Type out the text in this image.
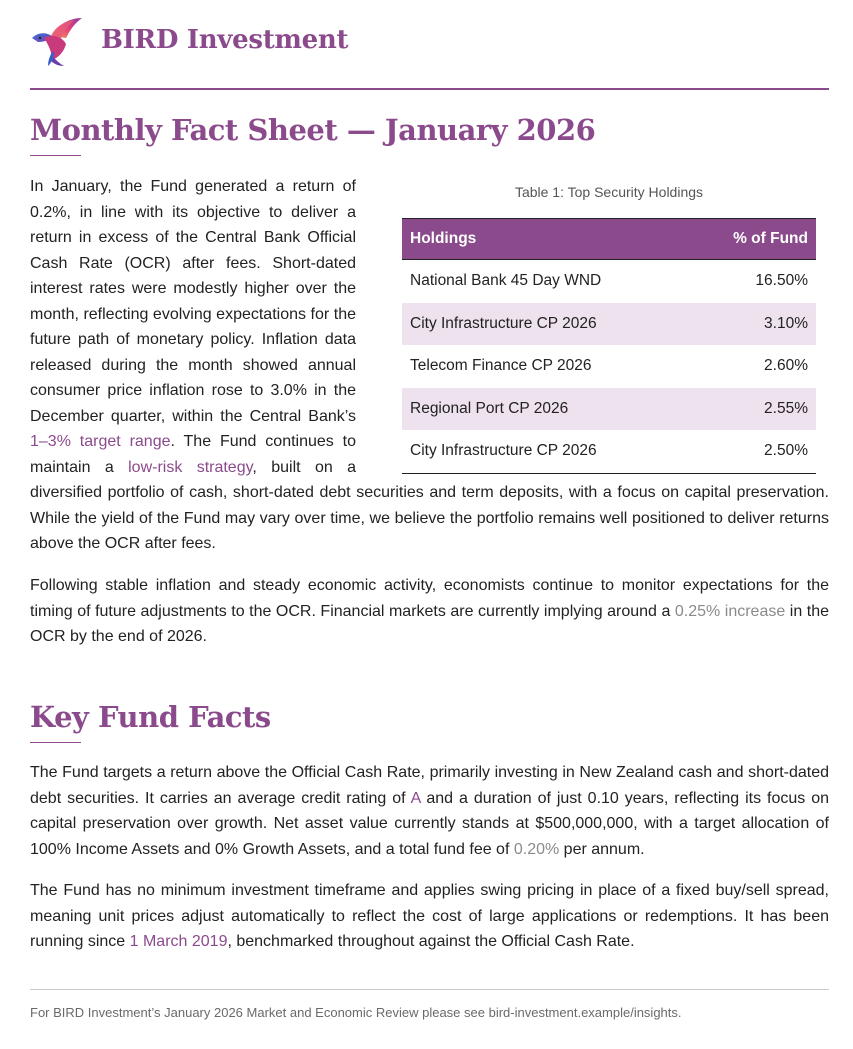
BIRD Investment
Monthly Fact Sheet — January 2026
Table 1: Top Security Holdings
Holdings	% of Fund
National Bank 45 Day WND	16.50%
City Infrastructure CP 2026	3.10%
Telecom Finance CP 2026	2.60%
Regional Port CP 2026	2.55%
City Infrastructure CP 2026	2.50%

In January, the Fund generated a return of 0.2%, in line with its objective to deliver a return in excess of the Central Bank Official Cash Rate (OCR) after fees. Short-dated interest rates were modestly higher over the month, reflecting evolving expectations for the future path of monetary policy. Inflation data released during the month showed annual consumer price inflation rose to 3.0% in the December quarter, within the Central Bank’s 1–3% target range. The Fund continues to maintain a low-risk strategy, built on a diversified portfolio of cash, short-dated debt securities and term deposits, with a focus on capital preservation. While the yield of the Fund may vary over time, we believe the portfolio remains well positioned to deliver returns above the OCR after fees.

Following stable inflation and steady economic activity, economists continue to monitor expectations for the timing of future adjustments to the OCR. Financial markets are currently implying around a 0.25% increase in the OCR by the end of 2026.

Key Fund Facts

The Fund targets a return above the Official Cash Rate, primarily investing in New Zealand cash and short-dated debt securities. It carries an average credit rating of A and a duration of just 0.10 years, reflecting its focus on capital preservation over growth. Net asset value currently stands at $500,000,000, with a target allocation of 100% Income Assets and 0% Growth Assets, and a total fund fee of 0.20% per annum.

The Fund has no minimum investment timeframe and applies swing pricing in place of a fixed buy/sell spread, meaning unit prices adjust automatically to reflect the cost of large applications or redemptions. It has been running since 1 March 2019, benchmarked throughout against the Official Cash Rate.

For BIRD Investment’s January 2026 Market and Economic Review please see bird-investment.example/insights.
